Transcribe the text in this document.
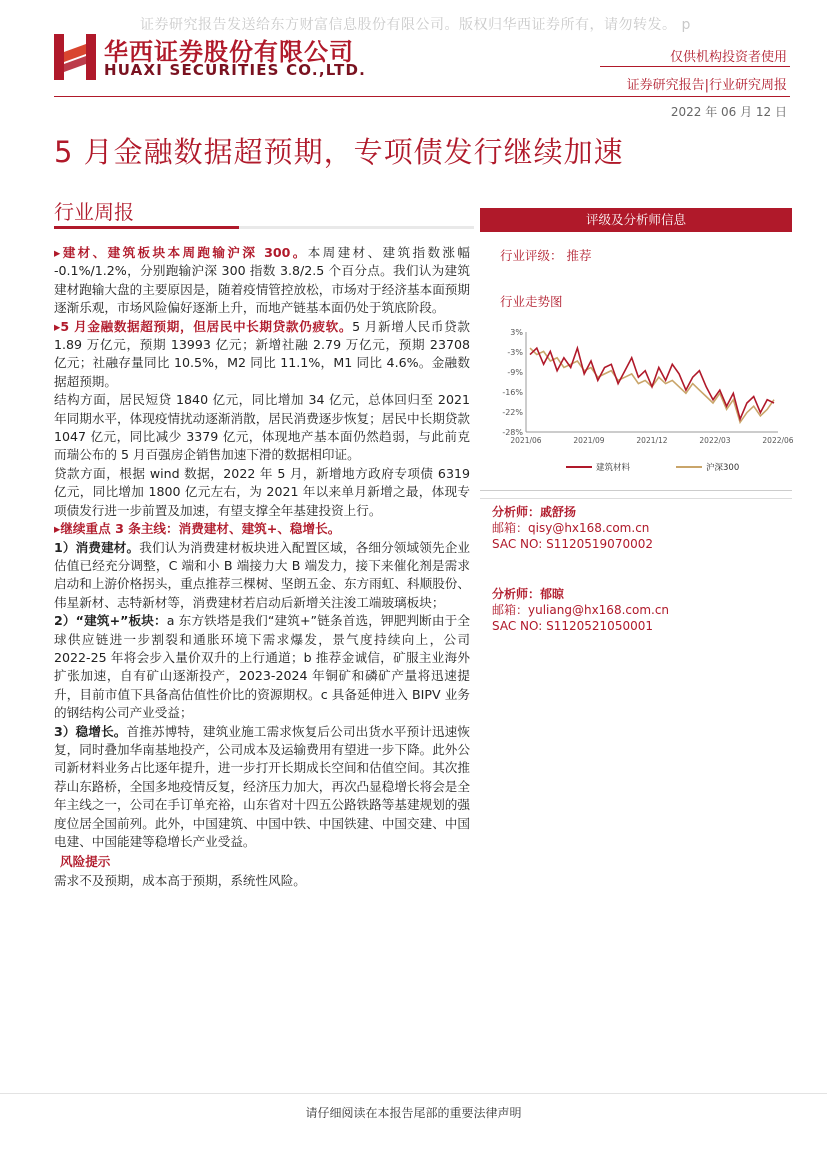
证券研究报告发送给东方财富信息股份有限公司。版权归华西证券所有，请勿转发。 p
华西证券股份有限公司
HUAXI SECURITIES CO.,LTD.
仅供机构投资者使用
证券研究报告|行业研究周报
2022 年 06 月 12 日
5 月金融数据超预期，专项债发行继续加速
行业周报

▸建材、建筑板块本周跑输沪深 300。本周建材、建筑指数涨幅 -0.1%/1.2%，分别跑输沪深 300 指数 3.8/2.5 个百分点。我们认为建筑建材跑输大盘的主要原因是，随着疫情管控放松，市场对于经济基本面预期逐渐乐观，市场风险偏好逐渐上升，而地产链基本面仍处于筑底阶段。

▸5 月金融数据超预期，但居民中长期贷款仍疲软。5 月新增人民币贷款 1.89 万亿元，预期 13993 亿元；新增社融 2.79 万亿元，预期 23708 亿元；社融存量同比 10.5%，M2 同比 11.1%，M1 同比 4.6%。金融数据超预期。

结构方面，居民短贷 1840 亿元，同比增加 34 亿元，总体回归至 2021 年同期水平，体现疫情扰动逐渐消散，居民消费逐步恢复；居民中长期贷款 1047 亿元，同比减少 3379 亿元，体现地产基本面仍然趋弱，与此前克而瑞公布的 5 月百强房企销售加速下滑的数据相印证。

贷款方面，根据 wind 数据，2022 年 5 月，新增地方政府专项债 6319 亿元，同比增加 1800 亿元左右，为 2021 年以来单月新增之最，体现专项债发行进一步前置及加速，有望支撑全年基建投资上行。

▸继续重点 3 条主线：消费建材、建筑+、稳增长。

1）消费建材。我们认为消费建材板块进入配置区域，各细分领域领先企业估值已经充分调整，C 端和小 B 端接力大 B 端发力，接下来催化剂是需求启动和上游价格拐头，重点推荐三棵树、坚朗五金、东方雨虹、科顺股份、伟星新材、志特新材等，消费建材若启动后新增关注浚工端玻璃板块；

2）“建筑+”板块：a 东方铁塔是我们“建筑+”链条首选，钾肥判断由于全球供应链进一步割裂和通胀环境下需求爆发，景气度持续向上，公司 2022-25 年将会步入量价双升的上行通道；b 推荐金诚信，矿服主业海外扩张加速，自有矿山逐渐投产，2023-2024 年铜矿和磷矿产量将迅速提升，目前市值下具备高估值性价比的资源期权。c 具备延伸进入 BIPV 业务的钢结构公司产业受益；

3）稳增长。首推苏博特，建筑业施工需求恢复后公司出货水平预计迅速恢复，同时叠加华南基地投产，公司成本及运输费用有望进一步下降。此外公司新材料业务占比逐年提升，进一步打开长期成长空间和估值空间。其次推荐山东路桥，全国多地疫情反复，经济压力加大，再次凸显稳增长将会是全年主线之一，公司在手订单充裕，山东省对十四五公路铁路等基建规划的强度位居全国前列。此外，中国建筑、中国中铁、中国铁建、中国交建、中国电建、中国能建等稳增长产业受益。

风险提示

需求不及预期，成本高于预期，系统性风险。

评级及分析师信息
行业评级： 推荐
行业走势图
3%
-3%
-9%
-16%
-22%
-28%
2021/06	2021/09	2021/12	2022/03	2022/06
建筑材料	沪深300
分析师：戚舒扬
邮箱：qisy@hx168.com.cn
SAC NO: S1120519070002
分析师：郁晾
邮箱：yuliang@hx168.com.cn
SAC NO: S1120521050001
请仔细阅读在本报告尾部的重要法律声明
